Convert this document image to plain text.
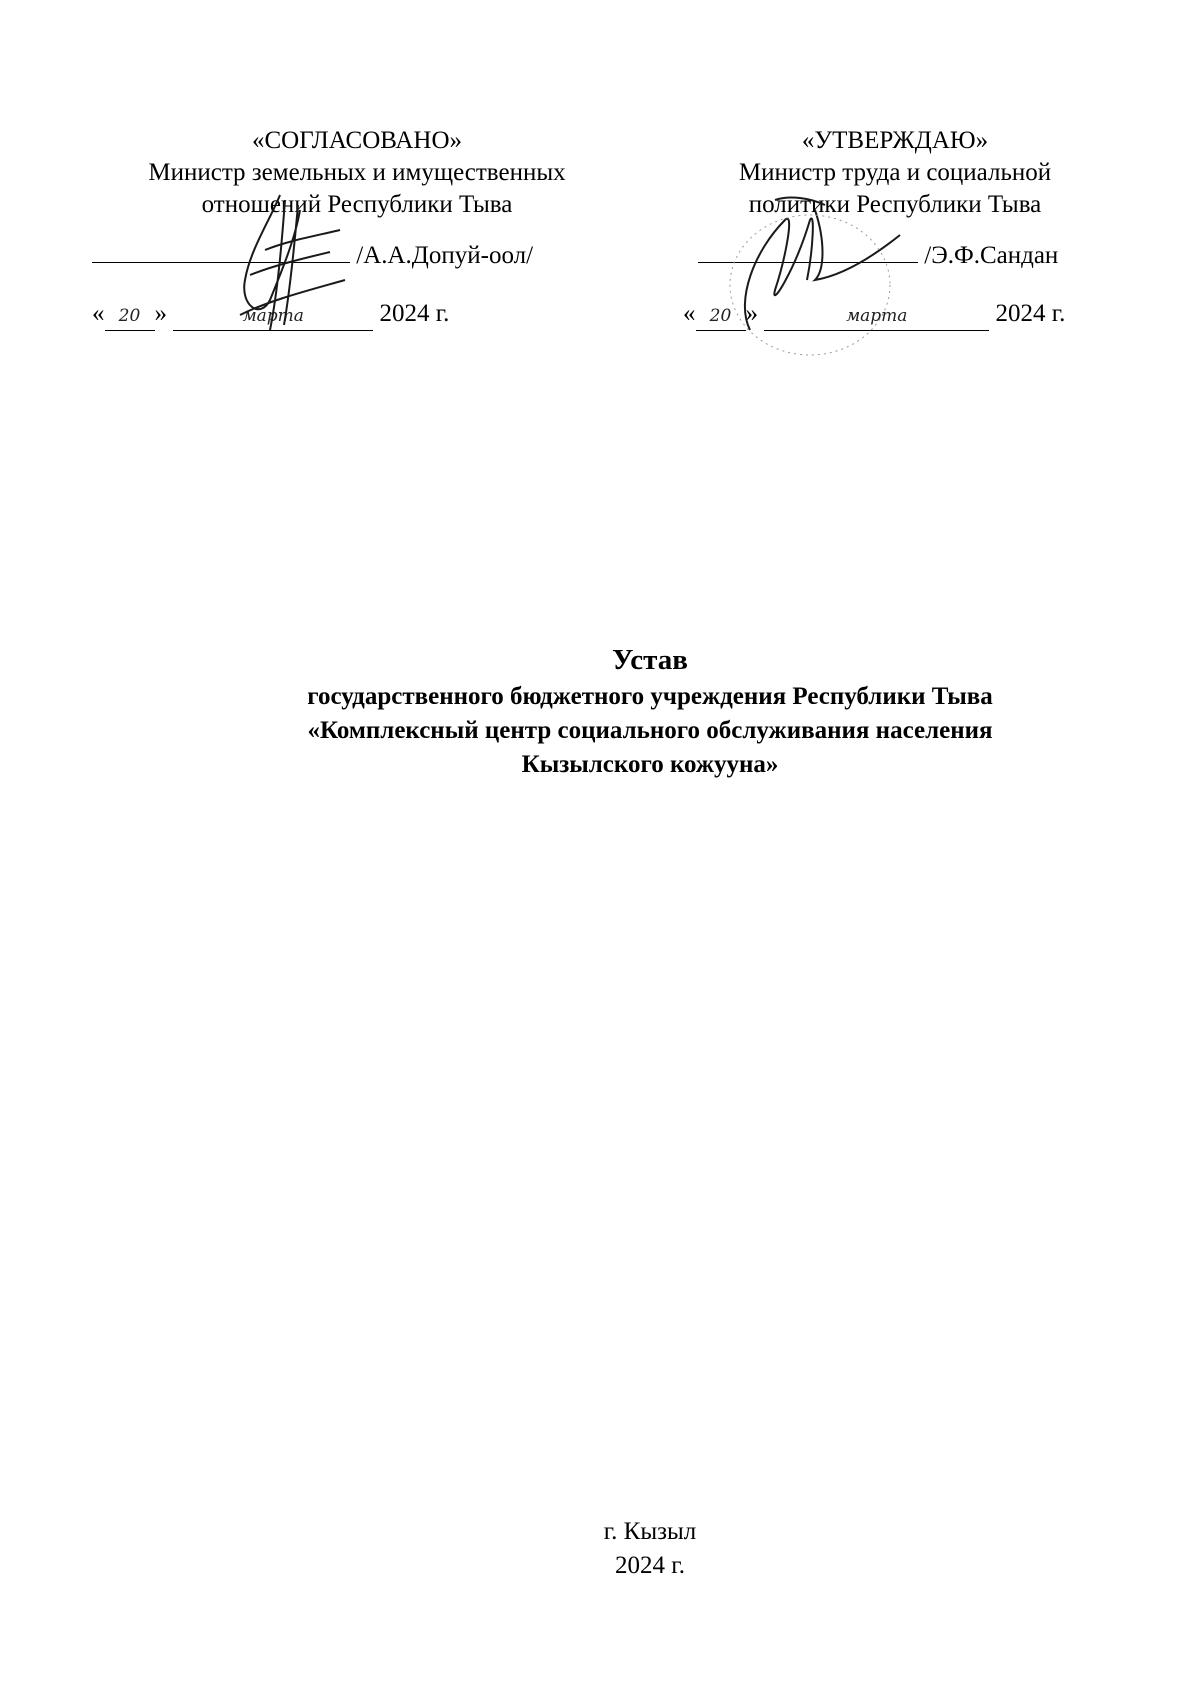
«СОГЛАСОВАНО»
Министр земельных и имущественных
отношений Республики Тыва
/А.А.Допуй-оол/
« 20 »	марта	2024 г.
«УТВЕРЖДАЮ»
Министр труда и социальной
политики Республики Тыва
/Э.Ф.Сандан
« 20 »	марта	2024 г.
Устав
государственного бюджетного учреждения Республики Тыва
«Комплексный центр социального обслуживания населения
Кызылского кожууна»
г. Кызыл
2024 г.
